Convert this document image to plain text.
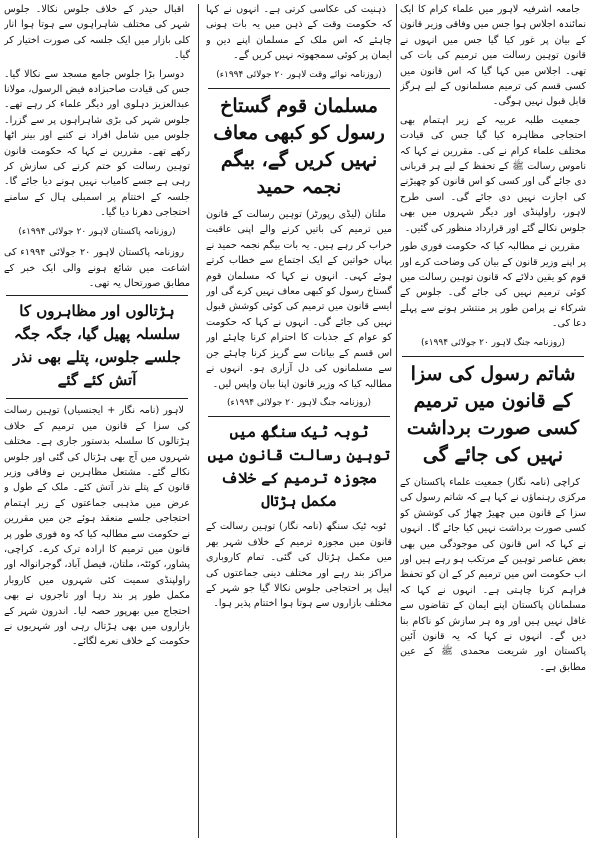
جامعہ اشرفیہ لاہور میں علماء کرام کا ایک نمائندہ اجلاس ہوا جس میں وفاقی وزیر قانون کے بیان پر غور کیا گیا جس میں انہوں نے قانون توہین رسالت میں ترمیم کی بات کی تھی۔ اجلاس میں کہا گیا کہ اس قانون میں کسی قسم کی ترمیم مسلمانوں کے لیے ہرگز قابل قبول نہیں ہوگی۔

جمعیت طلبہ عربیہ کے زیر اہتمام بھی احتجاجی مظاہرہ کیا گیا جس کی قیادت مختلف علماء کرام نے کی۔ مقررین نے کہا کہ ناموس رسالت ﷺ کے تحفظ کے لیے ہر قربانی دی جائے گی اور کسی کو اس قانون کو چھیڑنے کی اجازت نہیں دی جائے گی۔ اسی طرح لاہور، راولپنڈی اور دیگر شہروں میں بھی جلوس نکالے گئے اور قرارداد منظور کی گئیں۔

مقررین نے مطالبہ کیا کہ حکومت فوری طور پر اپنے وزیر قانون کے بیان کی وضاحت کرے اور قوم کو یقین دلائے کہ قانون توہین رسالت میں کوئی ترمیم نہیں کی جائے گی۔ جلوس کے شرکاء نے پرامن طور پر منتشر ہونے سے پہلے دعا کی۔

(روزنامہ جنگ لاہور ۲۰ جولائی ۱۹۹۴ء)

شاتم رسول کی سزا کے قانون میں ترمیم کسی صورت برداشت نہیں کی جائے گی

کراچی (نامہ نگار) جمعیت علماء پاکستان کے مرکزی رہنماؤں نے کہا ہے کہ شاتم رسول کی سزا کے قانون میں چھیڑ چھاڑ کی کوشش کو کسی صورت برداشت نہیں کیا جائے گا۔ انہوں نے کہا کہ اس قانون کی موجودگی میں بھی بعض عناصر توہین کے مرتکب ہو رہے ہیں اور اب حکومت اس میں ترمیم کر کے ان کو تحفظ فراہم کرنا چاہتی ہے۔ انہوں نے کہا کہ مسلمانان پاکستان اپنے ایمان کے تقاضوں سے غافل نہیں ہیں اور وہ ہر سازش کو ناکام بنا دیں گے۔ انہوں نے کہا کہ یہ قانون آئین پاکستان اور شریعت محمدی ﷺ کے عین مطابق ہے۔

ذہنیت کی عکاسی کرتی ہے۔ انہوں نے کہا کہ حکومت وقت کے ذہن میں یہ بات ہونی چاہئے کہ اس ملک کے مسلمان اپنے دین و ایمان پر کوئی سمجھوتہ نہیں کریں گے۔

(روزنامہ نوائے وقت لاہور ۲۰ جولائی ۱۹۹۴ء)

مسلمان قوم گستاخ رسول کو کبھی معاف نہیں کریں گے، بیگم نجمہ حمید

ملتان (لیڈی رپورٹر) توہین رسالت کے قانون میں ترمیم کی باتیں کرنے والے اپنی عاقبت خراب کر رہے ہیں۔ یہ بات بیگم نجمہ حمید نے یہاں خواتین کے ایک اجتماع سے خطاب کرتے ہوئے کہی۔ انہوں نے کہا کہ مسلمان قوم گستاخ رسول کو کبھی معاف نہیں کرے گی اور ایسے قانون میں ترمیم کی کوئی کوشش قبول نہیں کی جائے گی۔ انہوں نے کہا کہ حکومت کو عوام کے جذبات کا احترام کرنا چاہئے اور اس قسم کے بیانات سے گریز کرنا چاہئے جن سے مسلمانوں کی دل آزاری ہو۔ انہوں نے مطالبہ کیا کہ وزیر قانون اپنا بیان واپس لیں۔

(روزنامہ جنگ لاہور ۲۰ جولائی ۱۹۹۴ء)

ٹوبہ ٹیک سنگھ میں توہین رسالت قانون میں مجوزہ ترمیم کے خلاف مکمل ہڑتال

ٹوبہ ٹیک سنگھ (نامہ نگار) توہین رسالت کے قانون میں مجوزہ ترمیم کے خلاف شہر بھر میں مکمل ہڑتال کی گئی۔ تمام کاروباری مراکز بند رہے اور مختلف دینی جماعتوں کی اپیل پر احتجاجی جلوس نکالا گیا جو شہر کے مختلف بازاروں سے ہوتا ہوا اختتام پذیر ہوا۔

اقبال حیدر کے خلاف جلوس نکالا۔ جلوس شہر کی مختلف شاہراہوں سے ہوتا ہوا انار کلی بازار میں ایک جلسہ کی صورت اختیار کر گیا۔

دوسرا بڑا جلوس جامع مسجد سے نکالا گیا۔ جس کی قیادت صاحبزادہ فیض الرسول، مولانا عبدالعزیز دہلوی اور دیگر علماء کر رہے تھے۔ جلوس شہر کی بڑی شاہراہوں پر سے گزرا۔ جلوس میں شامل افراد نے کتبے اور بینر اٹھا رکھے تھے۔ مقررین نے کہا کہ حکومت قانون توہین رسالت کو ختم کرنے کی سازش کر رہی ہے جسے کامیاب نہیں ہونے دیا جائے گا۔ جلسہ کے اختتام پر اسمبلی ہال کے سامنے احتجاجی دھرنا دیا گیا۔

(روزنامہ پاکستان لاہور ۲۰ جولائی ۱۹۹۴ء)

روزنامہ پاکستان لاہور ۲۰ جولائی ۱۹۹۴ء کی اشاعت میں شائع ہونے والی ایک خبر کے مطابق صورتحال یہ تھی۔

ہڑتالوں اور مظاہروں کا سلسلہ پھیل گیا، جگہ جگہ جلسے جلوس، پتلے بھی نذر آتش کئے گئے

لاہور (نامہ نگار + ایجنسیاں) توہین رسالت کی سزا کے قانون میں ترمیم کے خلاف ہڑتالوں کا سلسلہ بدستور جاری ہے۔ مختلف شہروں میں آج بھی ہڑتال کی گئی اور جلوس نکالے گئے۔ مشتعل مظاہرین نے وفاقی وزیر قانون کے پتلے نذر آتش کئے۔ ملک کے طول و عرض میں مذہبی جماعتوں کے زیر اہتمام احتجاجی جلسے منعقد ہوئے جن میں مقررین نے حکومت سے مطالبہ کیا کہ وہ فوری طور پر قانون میں ترمیم کا ارادہ ترک کرے۔ کراچی، پشاور، کوئٹہ، ملتان، فیصل آباد، گوجرانوالہ اور راولپنڈی سمیت کئی شہروں میں کاروبار مکمل طور پر بند رہا اور تاجروں نے بھی احتجاج میں بھرپور حصہ لیا۔ اندرون شہر کے بازاروں میں بھی ہڑتال رہی اور شہریوں نے حکومت کے خلاف نعرے لگائے۔
